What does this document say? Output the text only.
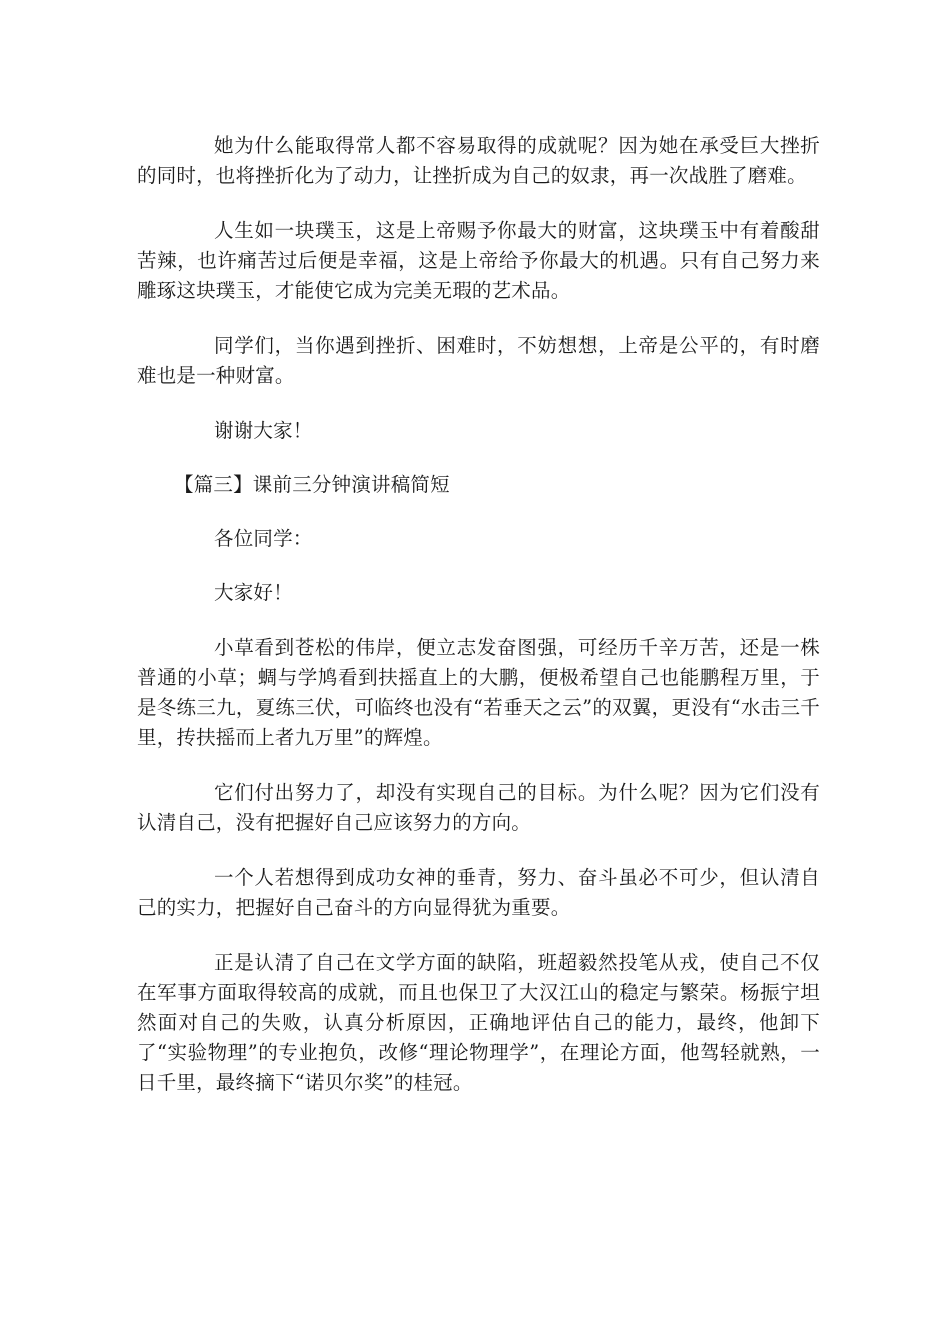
她为什么能取得常人都不容易取得的成就呢？因为她在承受巨大挫折的同时，也将挫折化为了动力，让挫折成为自己的奴隶，再一次战胜了磨难。

人生如一块璞玉，这是上帝赐予你最大的财富，这块璞玉中有着酸甜苦辣，也许痛苦过后便是幸福，这是上帝给予你最大的机遇。只有自己努力来雕琢这块璞玉，才能使它成为完美无瑕的艺术品。

同学们，当你遇到挫折、困难时，不妨想想，上帝是公平的，有时磨难也是一种财富。

谢谢大家！

【篇三】课前三分钟演讲稿简短

各位同学：

大家好！

小草看到苍松的伟岸，便立志发奋图强，可经历千辛万苦，还是一株普通的小草；蜩与学鸠看到扶摇直上的大鹏，便极希望自己也能鹏程万里，于是冬练三九，夏练三伏，可临终也没有“若垂天之云”的双翼，更没有“水击三千里，抟扶摇而上者九万里”的辉煌。

它们付出努力了，却没有实现自己的目标。为什么呢？因为它们没有认清自己，没有把握好自己应该努力的方向。

一个人若想得到成功女神的垂青，努力、奋斗虽必不可少，但认清自己的实力，把握好自己奋斗的方向显得犹为重要。

正是认清了自己在文学方面的缺陷，班超毅然投笔从戎，使自己不仅在军事方面取得较高的成就，而且也保卫了大汉江山的稳定与繁荣。杨振宁坦然面对自己的失败，认真分析原因，正确地评估自己的能力，最终，他卸下了“实验物理”的专业抱负，改修“理论物理学”，在理论方面，他驾轻就熟，一日千里，最终摘下“诺贝尔奖”的桂冠。
